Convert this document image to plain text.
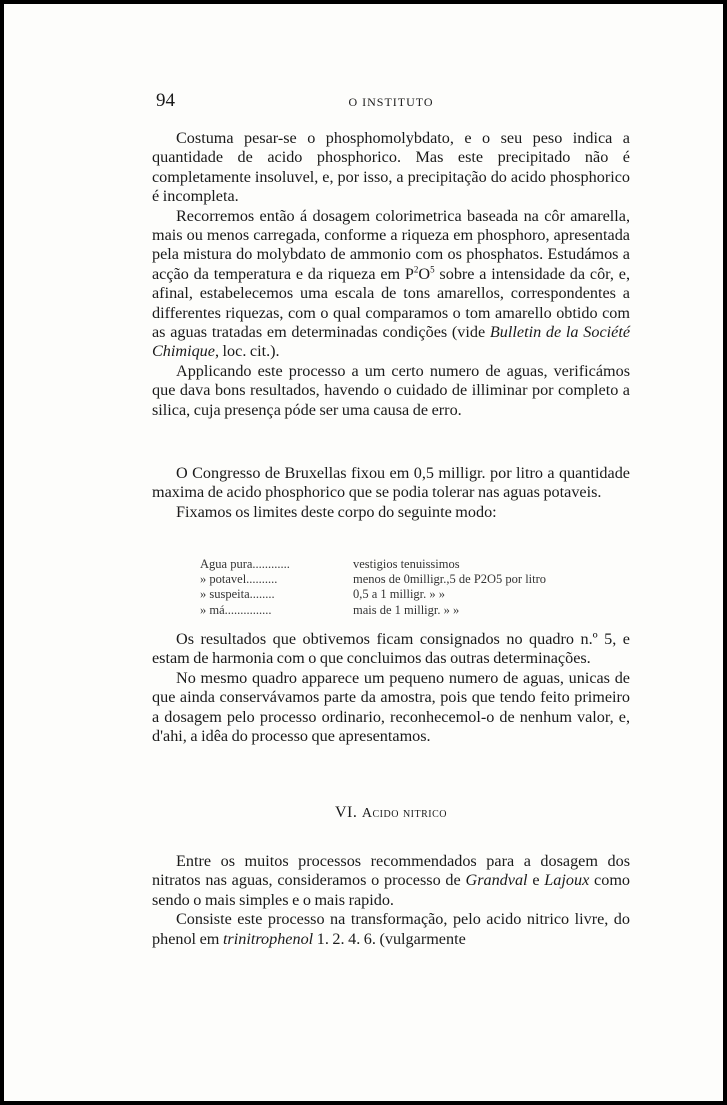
94	O INSTITUTO

Costuma pesar-se o phosphomolybdato, e o seu peso indica a quantidade de acido phosphorico. Mas este precipitado não é completamente insoluvel, e, por isso, a precipitação do acido phosphorico é incompleta.

Recorremos então á dosagem colorimetrica baseada na côr amarella, mais ou menos carregada, conforme a riqueza em phosphoro, apresentada pela mistura do molybdato de ammonio com os phosphatos. Estudámos a acção da temperatura e da riqueza em $P^2O^5$ sobre a intensidade da côr, e, afinal, estabelecemos uma escala de tons amarellos, correspondentes a differentes riquezas, com o qual comparamos o tom amarello obtido com as aguas tratadas em determinadas condições (vide Bulletin de la Société Chimique, loc. cit.).

Applicando este processo a um certo numero de aguas, verificámos que dava bons resultados, havendo o cuidado de illiminar por completo a silica, cuja presença póde ser uma causa de erro.

O Congresso de Bruxellas fixou em 0,5 milligr. por litro a quantidade maxima de acido phosphorico que se podia tolerar nas aguas potaveis.

Fixamos os limites deste corpo do seguinte modo:

Agua pura............	vestigios tenuissimos
» potavel..........	menos de 0milligr.,5 de P2O5 por litro
» suspeita........	0,5 a 1 milligr. » »
» má...............	mais de 1 milligr. » »

Os resultados que obtivemos ficam consignados no quadro n.º 5, e estam de harmonia com o que concluimos das outras determinações.

No mesmo quadro apparece um pequeno numero de aguas, unicas de que ainda conservávamos parte da amostra, pois que tendo feito primeiro a dosagem pelo processo ordinario, reconhecemol-o de nenhum valor, e, d'ahi, a idêa do processo que apresentamos.

VI. Acido nitrico

Entre os muitos processos recommendados para a dosagem dos nitratos nas aguas, consideramos o processo de Grandval e Lajoux como sendo o mais simples e o mais rapido.

Consiste este processo na transformação, pelo acido nitrico livre, do phenol em trinitrophenol 1. 2. 4. 6. (vulgarmente
